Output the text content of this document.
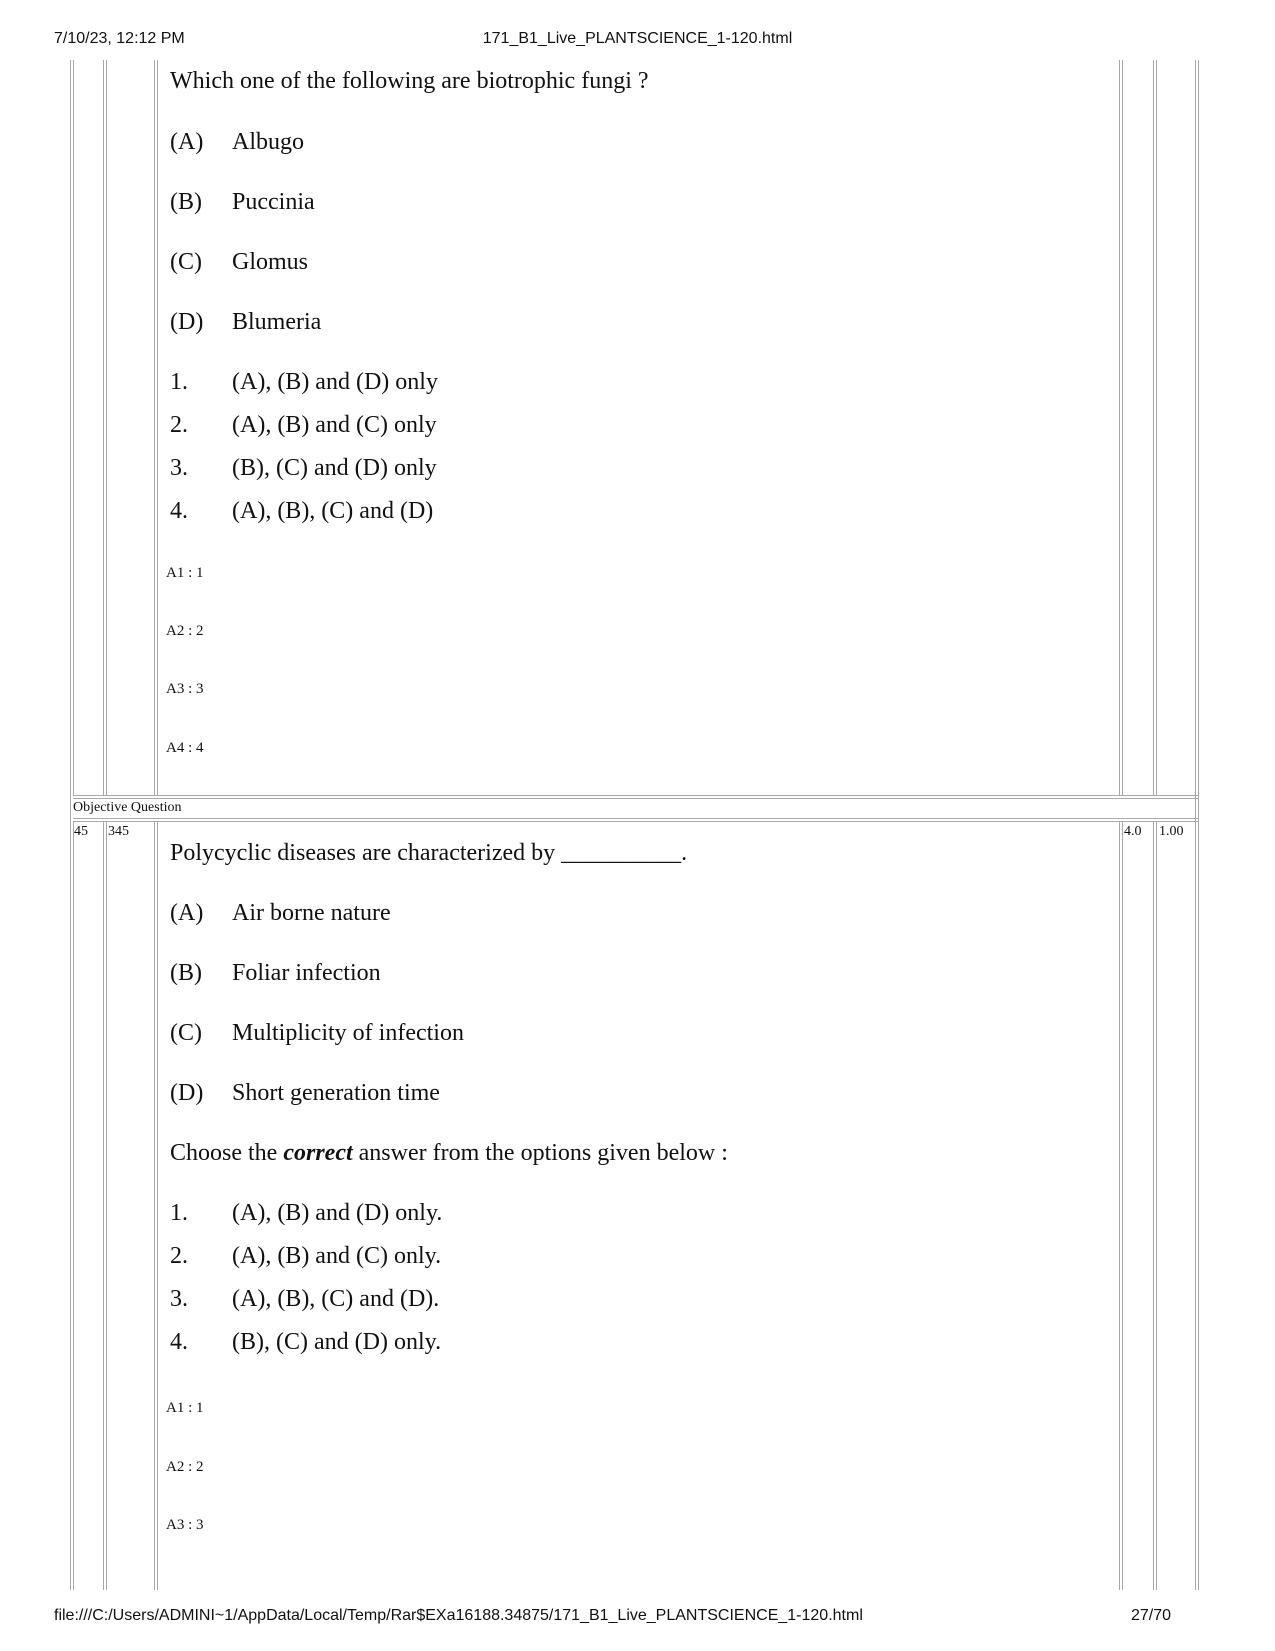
7/10/23, 12:12 PM	171_B1_Live_PLANTSCIENCE_1-120.html
Which one of the following are biotrophic fungi ?
(A) Albugo
(B) Puccinia
(C) Glomus
(D) Blumeria
1. (A), (B) and (D) only
2. (A), (B) and (C) only
3. (B), (C) and (D) only
4. (A), (B), (C) and (D)
A1 : 1
A2 : 2
A3 : 3
A4 : 4
Objective Question
45 345	4.0 1.00
Polycyclic diseases are characterized by __________.
(A) Air borne nature
(B) Foliar infection
(C) Multiplicity of infection
(D) Short generation time
Choose the correct answer from the options given below :
1. (A), (B) and (D) only.
2. (A), (B) and (C) only.
3. (A), (B), (C) and (D).
4. (B), (C) and (D) only.
A1 : 1
A2 : 2
A3 : 3
file:///C:/Users/ADMINI~1/AppData/Local/Temp/Rar$EXa16188.34875/171_B1_Live_PLANTSCIENCE_1-120.html	27/70
